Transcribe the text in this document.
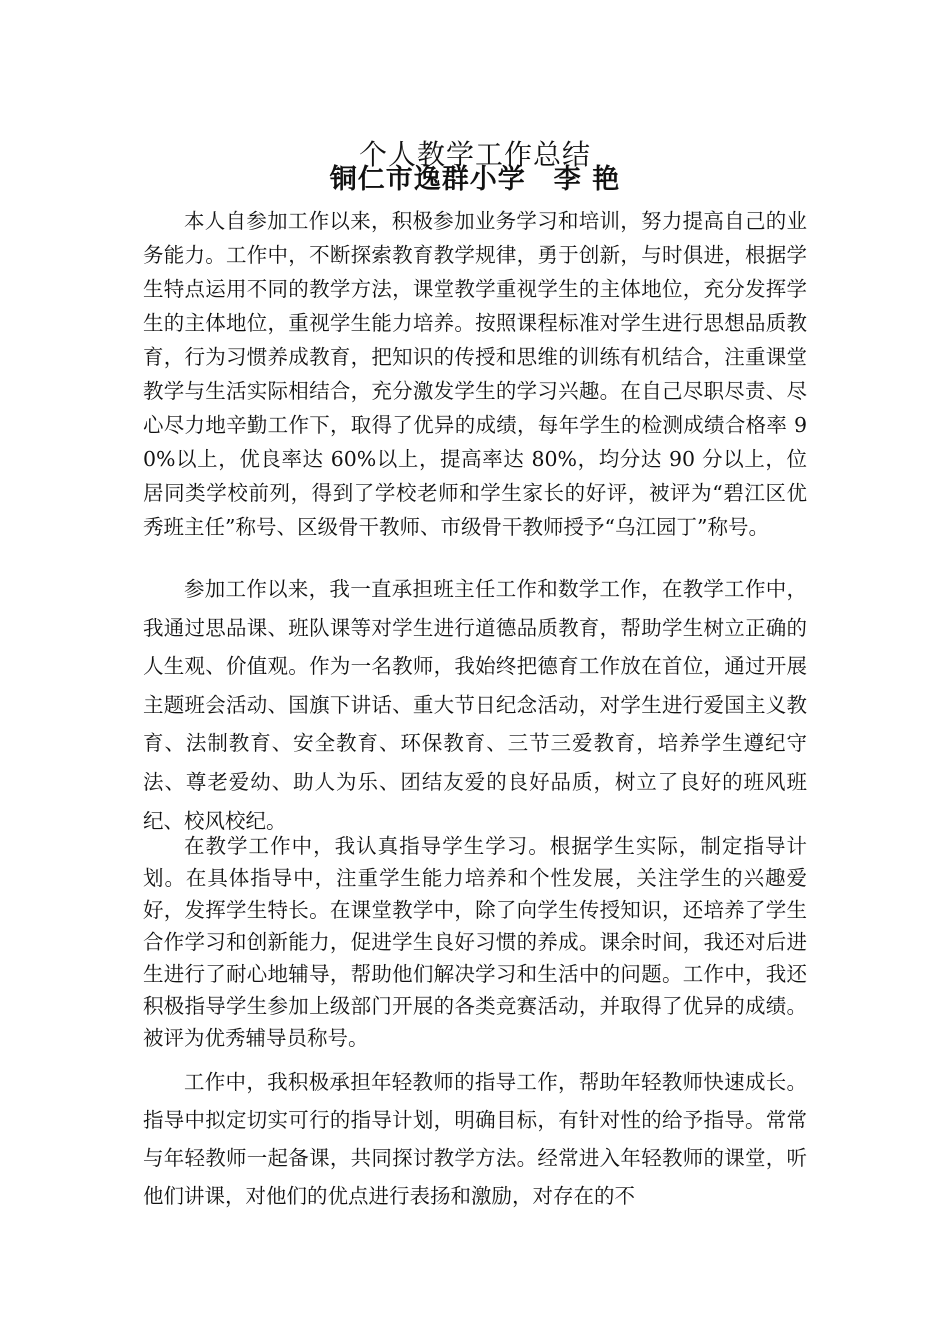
个人教学工作总结
铜仁市逸群小学　李 艳

本人自参加工作以来，积极参加业务学习和培训，努力提高自己的业务能力。工作中，不断探索教育教学规律，勇于创新，与时俱进，根据学生特点运用不同的教学方法，课堂教学重视学生的主体地位，充分发挥学生的主体地位，重视学生能力培养。按照课程标准对学生进行思想品质教育，行为习惯养成教育，把知识的传授和思维的训练有机结合，注重课堂教学与生活实际相结合，充分激发学生的学习兴趣。在自己尽职尽责、尽心尽力地辛勤工作下，取得了优异的成绩，每年学生的检测成绩合格率 90%以上，优良率达 60%以上，提高率达 80%，均分达 90 分以上，位居同类学校前列，得到了学校老师和学生家长的好评，被评为“碧江区优秀班主任”称号、区级骨干教师、市级骨干教师授予“乌江园丁”称号。

参加工作以来，我一直承担班主任工作和数学工作，在教学工作中，我通过思品课、班队课等对学生进行道德品质教育，帮助学生树立正确的人生观、价值观。作为一名教师，我始终把德育工作放在首位，通过开展主题班会活动、国旗下讲话、重大节日纪念活动，对学生进行爱国主义教育、法制教育、安全教育、环保教育、三节三爱教育，培养学生遵纪守法、尊老爱幼、助人为乐、团结友爱的良好品质，树立了良好的班风班纪、校风校纪。

在教学工作中，我认真指导学生学习。根据学生实际，制定指导计划。在具体指导中，注重学生能力培养和个性发展，关注学生的兴趣爱好，发挥学生特长。在课堂教学中，除了向学生传授知识，还培养了学生合作学习和创新能力，促进学生良好习惯的养成。课余时间，我还对后进生进行了耐心地辅导，帮助他们解决学习和生活中的问题。工作中，我还积极指导学生参加上级部门开展的各类竞赛活动，并取得了优异的成绩。被评为优秀辅导员称号。

工作中，我积极承担年轻教师的指导工作，帮助年轻教师快速成长。指导中拟定切实可行的指导计划，明确目标，有针对性的给予指导。常常与年轻教师一起备课，共同探讨教学方法。经常进入年轻教师的课堂，听他们讲课，对他们的优点进行表扬和激励，对存在的不
